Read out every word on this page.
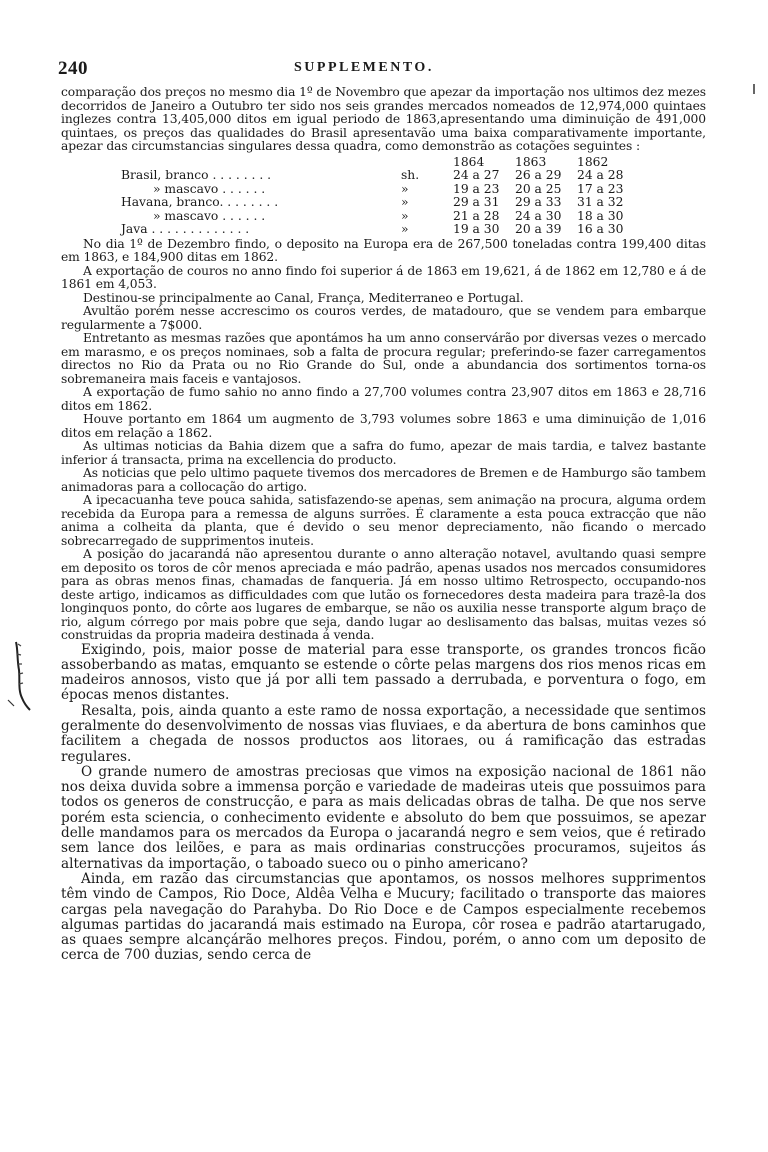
240	SUPPLEMENTO.

comparação dos preços no mesmo dia 1º de Novembro que apezar da importação nos ultimos dez mezes decorridos de Janeiro a Outubro ter sido nos seis grandes mercados nomeados de 12,974,000 quintaes inglezes contra 13,405,000 ditos em igual periodo de 1863,apresentando uma diminuição de 491,000 quintaes, os preços das qualidades do Brasil apresentavão uma baixa comparativamente importante, apezar das circumstancias singulares dessa quadra, como demonstrão as cotações seguintes :

		1864	1863	1862
Brasil, branco . . . . . . . .	sh.	24 a 27	26 a 29	24 a 28
» mascavo . . . . . .	»	19 a 23	20 a 25	17 a 23
Havana, branco. . . . . . . .	»	29 a 31	29 a 33	31 a 32
» mascavo . . . . . .	»	21 a 28	24 a 30	18 a 30
Java . . . . . . . . . . . . .	»	19 a 30	20 a 39	16 a 30

No dia 1º de Dezembro findo, o deposito na Europa era de 267,500 toneladas contra 199,400 ditas em 1863, e 184,900 ditas em 1862.

A exportação de couros no anno findo foi superior á de 1863 em 19,621, á de 1862 em 12,780 e á de 1861 em 4,053.

Destinou-se principalmente ao Canal, França, Mediterraneo e Portugal.

Avultão porém nesse accrescimo os couros verdes, de matadouro, que se vendem para embarque regularmente a 7$000.

Entretanto as mesmas razões que apontámos ha um anno conservárão por diversas vezes o mercado em marasmo, e os preços nominaes, sob a falta de procura regular; preferindo-se fazer carregamentos directos no Rio da Prata ou no Rio Grande do Sul, onde a abundancia dos sortimentos torna-os sobremaneira mais faceis e vantajosos.

A exportação de fumo sahio no anno findo a 27,700 volumes contra 23,907 ditos em 1863 e 28,716 ditos em 1862.

Houve portanto em 1864 um augmento de 3,793 volumes sobre 1863 e uma diminuição de 1,016 ditos em relação a 1862.

As ultimas noticias da Bahia dizem que a safra do fumo, apezar de mais tardia, e talvez bastante inferior á transacta, prima na excellencia do producto.

As noticias que pelo ultimo paquete tivemos dos mercadores de Bremen e de Hamburgo são tambem animadoras para a collocação do artigo.

A ipecacuanha teve pouca sahida, satisfazendo-se apenas, sem animação na procura, alguma ordem recebida da Europa para a remessa de alguns surrões. É claramente a esta pouca extracção que não anima a colheita da planta, que é devido o seu menor depreciamento, não ficando o mercado sobrecarregado de supprimentos inuteis.

A posição do jacarandá não apresentou durante o anno alteração notavel, avultando quasi sempre em deposito os toros de côr menos apreciada e máo padrão, apenas usados nos mercados consumidores para as obras menos finas, chamadas de fanqueria. Já em nosso ultimo Retrospecto, occupando-nos deste artigo, indicamos as difficuldades com que lutão os fornecedores desta madeira para trazê-la dos longinquos ponto, do côrte aos lugares de embarque, se não os auxilia nesse transporte algum braço de rio, algum córrego por mais pobre que seja, dando lugar ao deslisamento das balsas, muitas vezes só construidas da propria madeira destinada á venda.

Exigindo, pois, maior posse de material para esse transporte, os grandes troncos ficão assoberbando as matas, emquanto se estende o côrte pelas margens dos rios menos ricas em madeiros annosos, visto que já por alli tem passado a derrubada, e porventura o fogo, em épocas menos distantes.

Resalta, pois, ainda quanto a este ramo de nossa exportação, a necessidade que sentimos geralmente do desenvolvimento de nossas vias fluviaes, e da abertura de bons caminhos que facilitem a chegada de nossos productos aos litoraes, ou á ramificação das estradas regulares.

O grande numero de amostras preciosas que vimos na exposição nacional de 1861 não nos deixa duvida sobre a immensa porção e variedade de madeiras uteis que possuimos para todos os generos de construcção, e para as mais delicadas obras de talha. De que nos serve porém esta sciencia, o conhecimento evidente e absoluto do bem que possuimos, se apezar delle mandamos para os mercados da Europa o jacarandá negro e sem veios, que é retirado sem lance dos leilões, e para as mais ordinarias construcções procuramos, sujeitos ás alternativas da importação, o taboado sueco ou o pinho americano?

Ainda, em razão das circumstancias que apontamos, os nossos melhores supprimentos têm vindo de Campos, Rio Doce, Aldêa Velha e Mucury; facilitado o transporte das maiores cargas pela navegação do Parahyba. Do Rio Doce e de Campos especialmente recebemos algumas partidas do jacarandá mais estimado na Europa, côr rosea e padrão atartarugado, as quaes sempre alcançárão melhores preços. Findou, porém, o anno com um deposito de cerca de 700 duzias, sendo cerca de
